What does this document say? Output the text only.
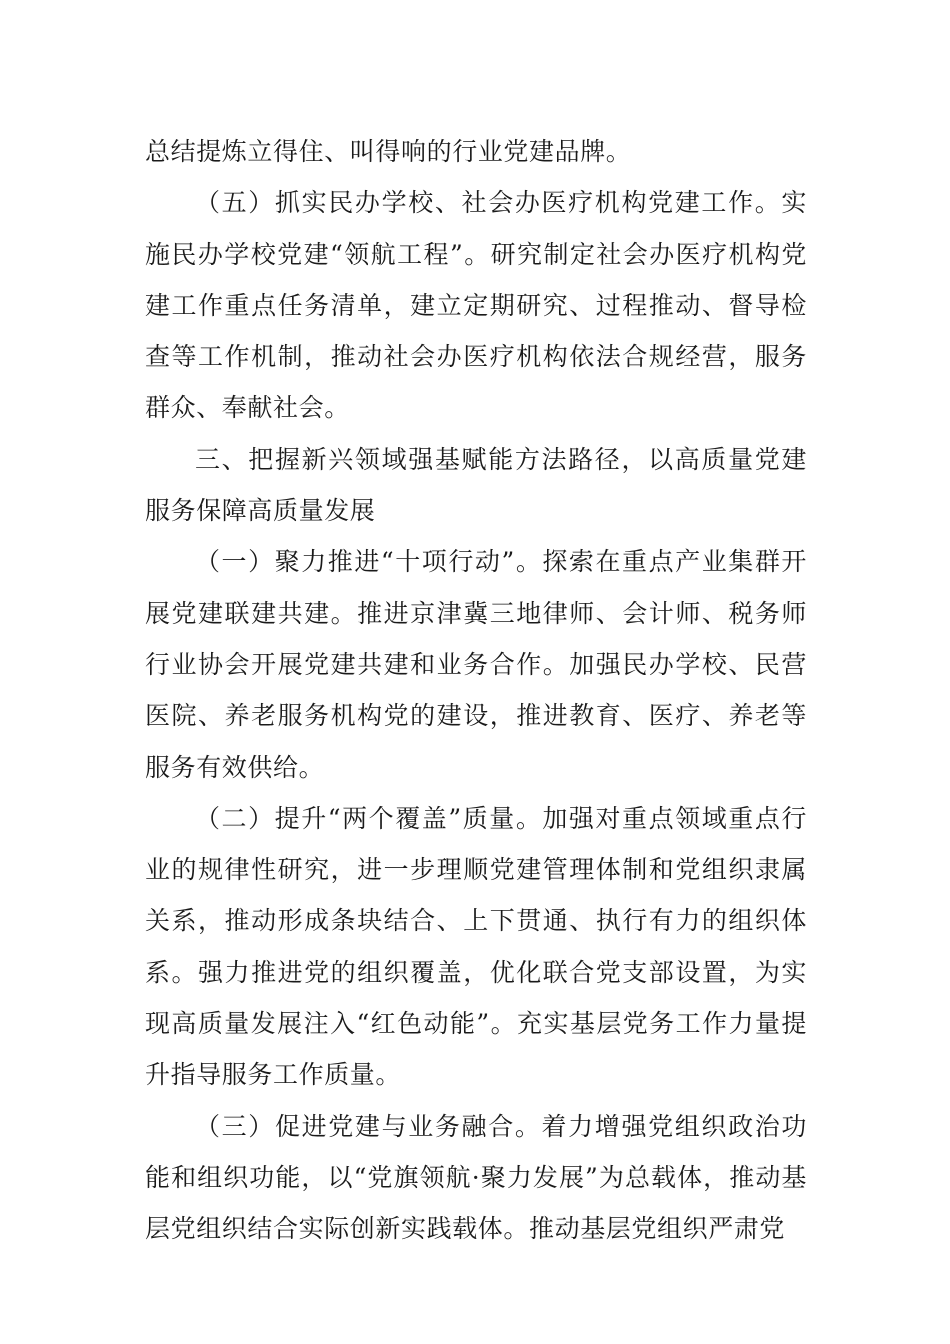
总结提炼立得住、叫得响的行业党建品牌。

（五）抓实民办学校、社会办医疗机构党建工作。实施民办学校党建“领航工程”。研究制定社会办医疗机构党建工作重点任务清单，建立定期研究、过程推动、督导检查等工作机制，推动社会办医疗机构依法合规经营，服务群众、奉献社会。

三、把握新兴领域强基赋能方法路径，以高质量党建服务保障高质量发展

（一）聚力推进“十项行动”。探索在重点产业集群开展党建联建共建。推进京津冀三地律师、会计师、税务师行业协会开展党建共建和业务合作。加强民办学校、民营医院、养老服务机构党的建设，推进教育、医疗、养老等服务有效供给。

（二）提升“两个覆盖”质量。加强对重点领域重点行业的规律性研究，进一步理顺党建管理体制和党组织隶属关系，推动形成条块结合、上下贯通、执行有力的组织体系。强力推进党的组织覆盖，优化联合党支部设置，为实现高质量发展注入“红色动能”。充实基层党务工作力量提升指导服务工作质量。

（三）促进党建与业务融合。着力增强党组织政治功能和组织功能，以“党旗领航·聚力发展”为总载体，推动基层党组织结合实际创新实践载体。推动基层党组织严肃党
